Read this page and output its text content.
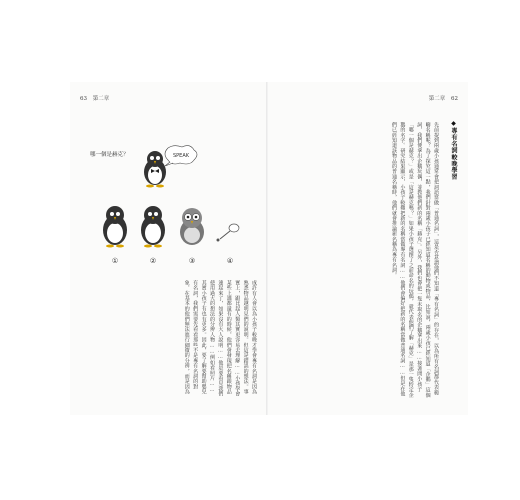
63 第二章
哪一個是赫克？	SPEAK
①	②	③	④

成許有人會以為小孩子較晚才學會專有名詞是因為熟悉物品越明見們的說明。但這是錯誤的想法。事實上，跟比起人類其實更容易去理解……小孩學會某些上課都還有的時候，他們會發現把名稱跟物品連起來了，如果沒有大人說明……他是要看見我們使用過大的想法的分辨人物……例如看照片……其實小孩子有也有更多。因此，要了解要幫助嬰兒有名詞，我們需要先看看那些不是專有名詞的對象，在基本的他們無法進行細微的分辨，而是因為

第二章 62
◆專有名詞較晚學習

先前提到兩歲小孩通常會把詞語當做「普通名詞」，這是否意謂他們不知道「專有名詞」的存在，以為所有名詞都代表範疇名稱呢？為了探究這一點，我們針對兩歲小孩子已經知道名稱的動物或物品，比如說，兩歲小孩已經知道「企鵝」這個詞，我們便拿出企鵝玩偶，並教他們新的名稱「赫克」。另外，我們也會把一隻未取名的企鵝拿出來……接著問小孩子「哪一個是赫克？」或是「這是赫克嗎？」如果小孩子選擇了之前命名的玩偶，就代表他們了解「赫克」是那一隻特定企鵝的名字。研究結果顯示，小孩子較難把新的名稱當做專有名詞……他們會偏好把新的名稱當做普通名詞……但是在他們已經知道該物品的普通名稱時，他們就會推論新名稱為專有名詞。
